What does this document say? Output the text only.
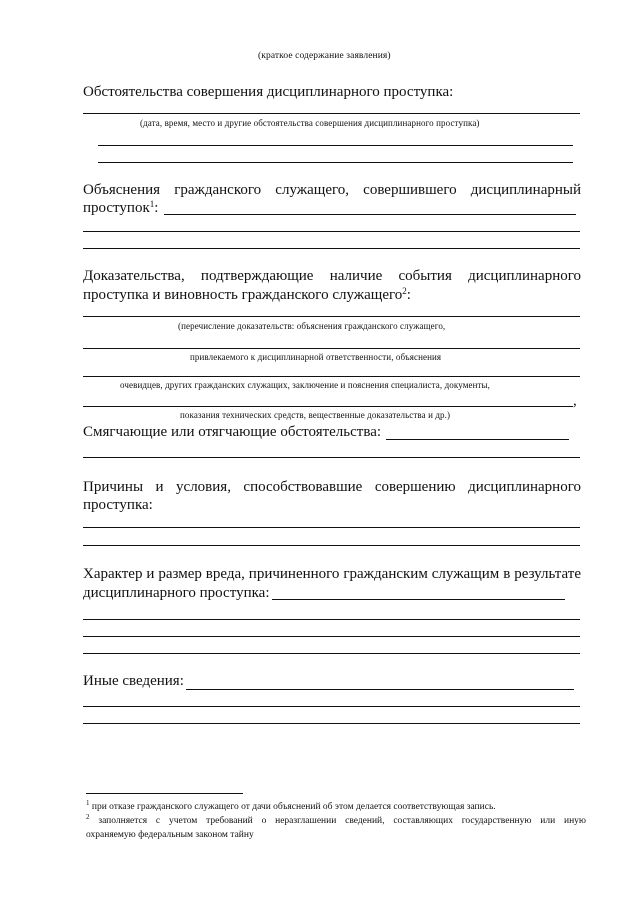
(краткое содержание заявления)
Обстоятельства совершения дисциплинарного проступка:
(дата, время, место и другие обстоятельства совершения дисциплинарного проступка)
Объяснения гражданского служащего, совершившего дисциплинарный
проступок$^1$:
Доказательства, подтверждающие наличие события дисциплинарного
проступка и виновность гражданского служащего$^2$:
(перечисление доказательств: объяснения гражданского служащего,
привлекаемого к дисциплинарной ответственности, объяснения
очевидцев, других гражданских служащих, заключение и пояснения специалиста, документы,
,
показания технических средств, вещественные доказательства и др.)
Смягчающие или отягчающие обстоятельства:
Причины и условия, способствовавшие совершению дисциплинарного
проступка:
Характер и размер вреда, причиненного гражданским служащим в результате
дисциплинарного проступка:
Иные сведения:
$^1$ при отказе гражданского служащего от дачи объяснений об этом делается соответствующая запись.
$^2$ заполняется с учетом требований о неразглашении сведений, составляющих государственную или иную
охраняемую федеральным законом тайну
